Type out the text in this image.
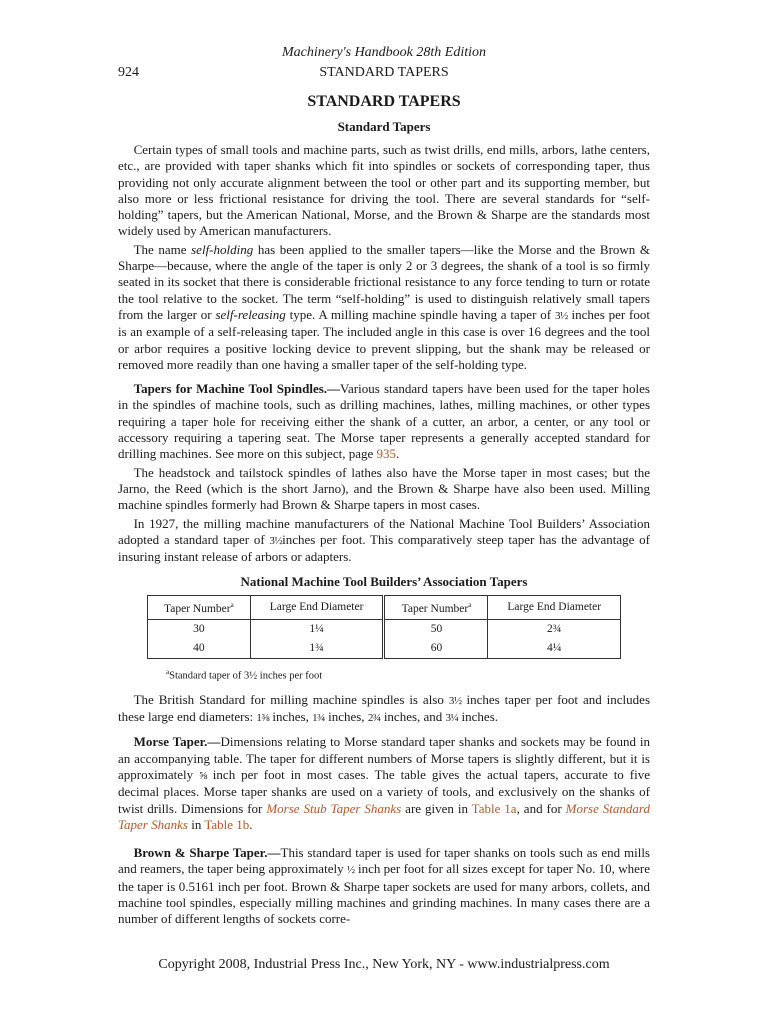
Machinery's Handbook 28th Edition
924	STANDARD TAPERS
STANDARD TAPERS
Standard Tapers

Certain types of small tools and machine parts, such as twist drills, end mills, arbors, lathe centers, etc., are provided with taper shanks which fit into spindles or sockets of corresponding taper, thus providing not only accurate alignment between the tool or other part and its supporting member, but also more or less frictional resistance for driving the tool. There are several standards for “self-holding” tapers, but the American National, Morse, and the Brown & Sharpe are the standards most widely used by American manufacturers.

The name self-holding has been applied to the smaller tapers—like the Morse and the Brown & Sharpe—because, where the angle of the taper is only 2 or 3 degrees, the shank of a tool is so firmly seated in its socket that there is considerable frictional resistance to any force tending to turn or rotate the tool relative to the socket. The term “self-holding” is used to distinguish relatively small tapers from the larger or self-releasing type. A milling machine spindle having a taper of 3½ inches per foot is an example of a self-releasing taper. The included angle in this case is over 16 degrees and the tool or arbor requires a positive locking device to prevent slipping, but the shank may be released or removed more readily than one having a smaller taper of the self-holding type.

Tapers for Machine Tool Spindles.—Various standard tapers have been used for the taper holes in the spindles of machine tools, such as drilling machines, lathes, milling machines, or other types requiring a taper hole for receiving either the shank of a cutter, an arbor, a center, or any tool or accessory requiring a tapering seat. The Morse taper represents a generally accepted standard for drilling machines. See more on this subject, page 935.

The headstock and tailstock spindles of lathes also have the Morse taper in most cases; but the Jarno, the Reed (which is the short Jarno), and the Brown & Sharpe have also been used. Milling machine spindles formerly had Brown & Sharpe tapers in most cases.

In 1927, the milling machine manufacturers of the National Machine Tool Builders’ Association adopted a standard taper of 3½inches per foot. This comparatively steep taper has the advantage of insuring instant release of arbors or adapters.

National Machine Tool Builders’ Association Tapers
Taper Number$^a$	Large End Diameter	Taper Number$^a$	Large End Diameter
30	1¼	50	2¾
40	1¾	60	4¼
$^a$Standard taper of 3½ inches per foot

The British Standard for milling machine spindles is also 3½ inches taper per foot and includes these large end diameters: 1⅜ inches, 1¾ inches, 2¾ inches, and 3¼ inches.

Morse Taper.—Dimensions relating to Morse standard taper shanks and sockets may be found in an accompanying table. The taper for different numbers of Morse tapers is slightly different, but it is approximately ⅝ inch per foot in most cases. The table gives the actual tapers, accurate to five decimal places. Morse taper shanks are used on a variety of tools, and exclusively on the shanks of twist drills. Dimensions for Morse Stub Taper Shanks are given in Table 1a, and for Morse Standard Taper Shanks in Table 1b.

Brown & Sharpe Taper.—This standard taper is used for taper shanks on tools such as end mills and reamers, the taper being approximately ½ inch per foot for all sizes except for taper No. 10, where the taper is 0.5161 inch per foot. Brown & Sharpe taper sockets are used for many arbors, collets, and machine tool spindles, especially milling machines and grinding machines. In many cases there are a number of different lengths of sockets corre-

Copyright 2008, Industrial Press Inc., New York, NY - www.industrialpress.com
